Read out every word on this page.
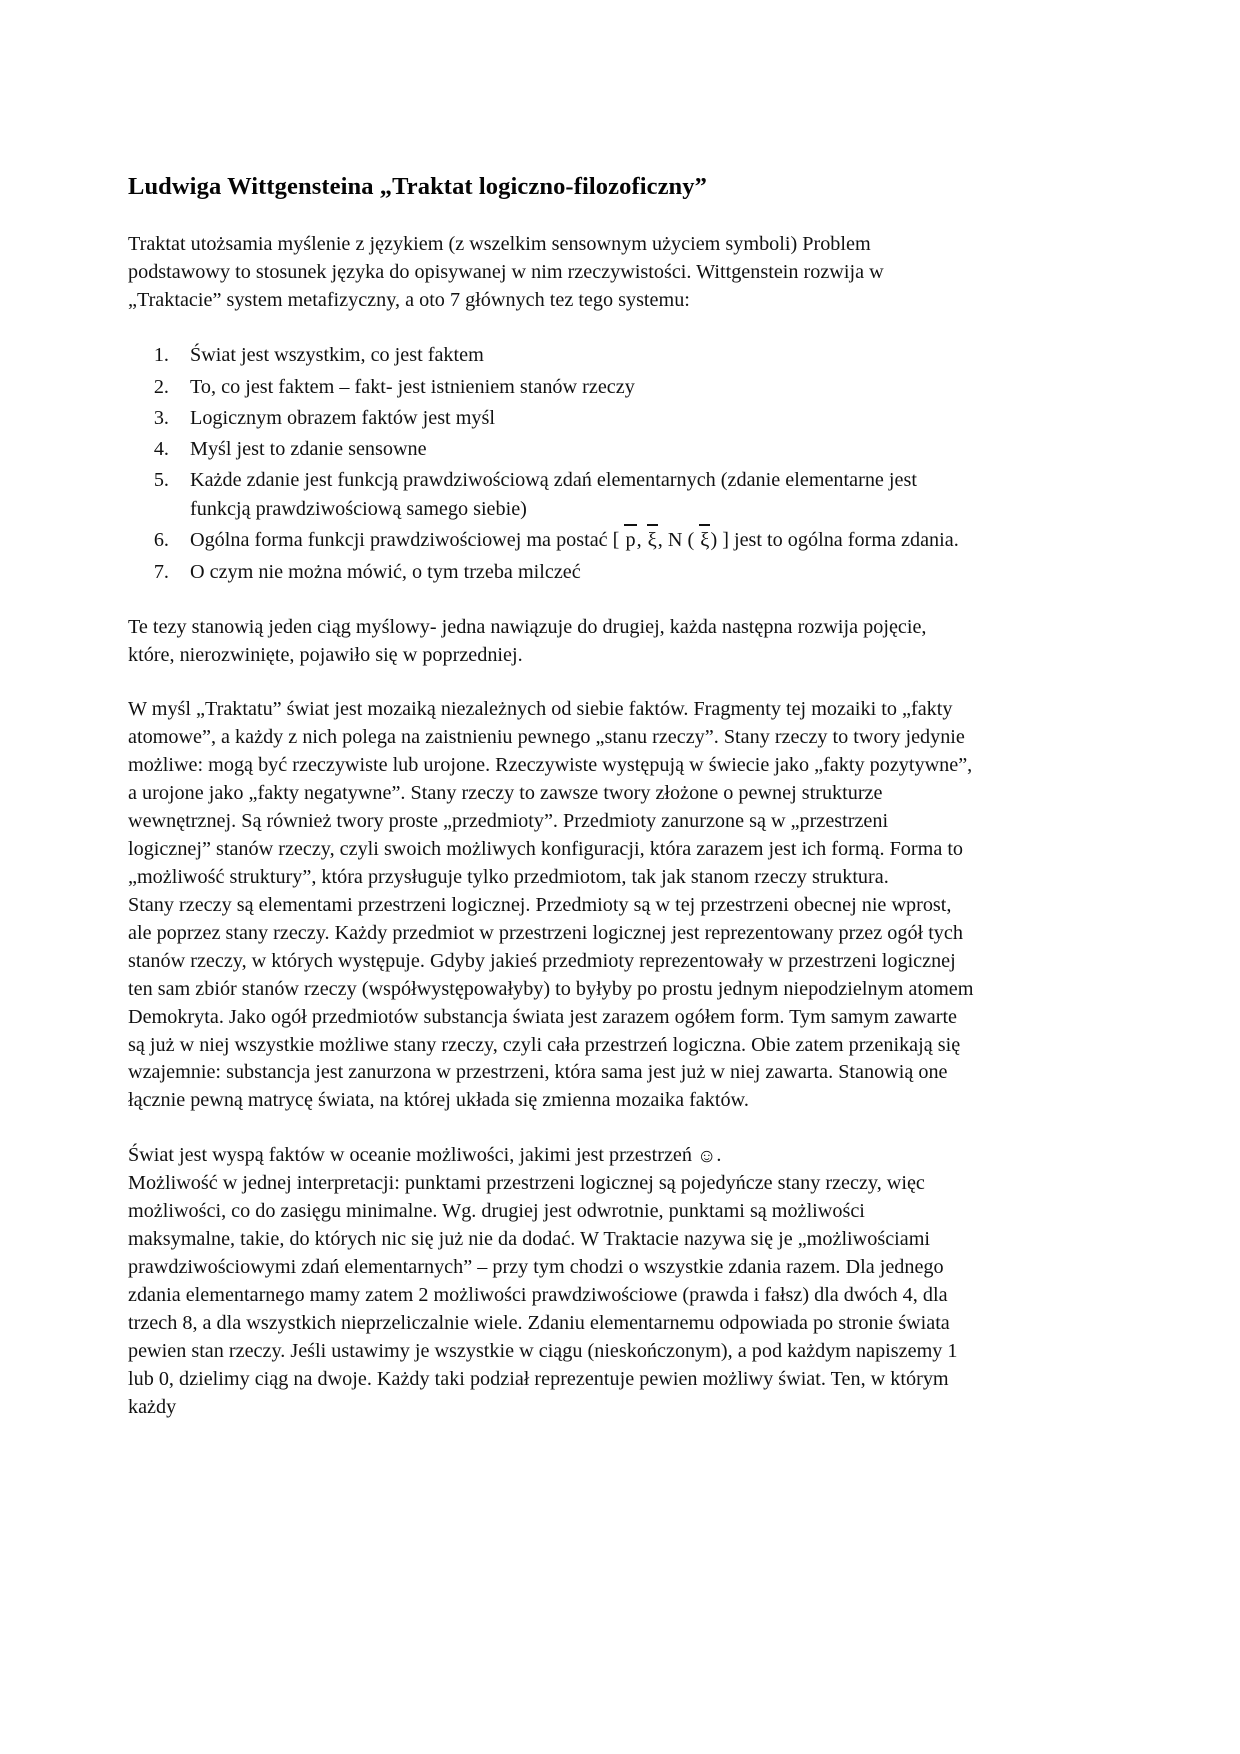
Ludwiga Wittgensteina „Traktat logiczno-filozoficzny”

Traktat utożsamia myślenie z językiem (z wszelkim sensownym użyciem symboli) Problem podstawowy to stosunek języka do opisywanej w nim rzeczywistości. Wittgenstein rozwija w „Traktacie” system metafizyczny, a oto 7 głównych tez tego systemu:

1. Świat jest wszystkim, co jest faktem
2. To, co jest faktem – fakt- jest istnieniem stanów rzeczy
3. Logicznym obrazem faktów jest myśl
4. Myśl jest to zdanie sensowne
5. Każde zdanie jest funkcją prawdziwościową zdań elementarnych (zdanie elementarne jest funkcją prawdziwościową samego siebie)
6. Ogólna forma funkcji prawdziwościowej ma postać [ p, ξ, N ( ξ) ] jest to ogólna forma zdania.
7. O czym nie można mówić, o tym trzeba milczeć

Te tezy stanowią jeden ciąg myślowy- jedna nawiązuje do drugiej, każda następna rozwija pojęcie, które, nierozwinięte, pojawiło się w poprzedniej.

W myśl „Traktatu” świat jest mozaiką niezależnych od siebie faktów. Fragmenty tej mozaiki to „fakty atomowe”, a każdy z nich polega na zaistnieniu pewnego „stanu rzeczy”. Stany rzeczy to twory jedynie możliwe: mogą być rzeczywiste lub urojone. Rzeczywiste występują w świecie jako „fakty pozytywne”, a urojone jako „fakty negatywne”. Stany rzeczy to zawsze twory złożone o pewnej strukturze wewnętrznej. Są również twory proste „przedmioty”. Przedmioty zanurzone są w „przestrzeni logicznej” stanów rzeczy, czyli swoich możliwych konfiguracji, która zarazem jest ich formą. Forma to „możliwość struktury”, która przysługuje tylko przedmiotom, tak jak stanom rzeczy struktura.

Stany rzeczy są elementami przestrzeni logicznej. Przedmioty są w tej przestrzeni obecnej nie wprost, ale poprzez stany rzeczy. Każdy przedmiot w przestrzeni logicznej jest reprezentowany przez ogół tych stanów rzeczy, w których występuje. Gdyby jakieś przedmioty reprezentowały w przestrzeni logicznej ten sam zbiór stanów rzeczy (współwystępowałyby) to byłyby po prostu jednym niepodzielnym atomem Demokryta. Jako ogół przedmiotów substancja świata jest zarazem ogółem form. Tym samym zawarte są już w niej wszystkie możliwe stany rzeczy, czyli cała przestrzeń logiczna. Obie zatem przenikają się wzajemnie: substancja jest zanurzona w przestrzeni, która sama jest już w niej zawarta. Stanowią one łącznie pewną matrycę świata, na której układa się zmienna mozaika faktów.

Świat jest wyspą faktów w oceanie możliwości, jakimi jest przestrzeń ☺.

Możliwość w jednej interpretacji: punktami przestrzeni logicznej są pojedyńcze stany rzeczy, więc możliwości, co do zasięgu minimalne. Wg. drugiej jest odwrotnie, punktami są możliwości maksymalne, takie, do których nic się już nie da dodać. W Traktacie nazywa się je „możliwościami prawdziwościowymi zdań elementarnych” – przy tym chodzi o wszystkie zdania razem. Dla jednego zdania elementarnego mamy zatem 2 możliwości prawdziwościowe (prawda i fałsz) dla dwóch 4, dla trzech 8, a dla wszystkich nieprzeliczalnie wiele. Zdaniu elementarnemu odpowiada po stronie świata pewien stan rzeczy. Jeśli ustawimy je wszystkie w ciągu (nieskończonym), a pod każdym napiszemy 1 lub 0, dzielimy ciąg na dwoje. Każdy taki podział reprezentuje pewien możliwy świat. Ten, w którym każdy
